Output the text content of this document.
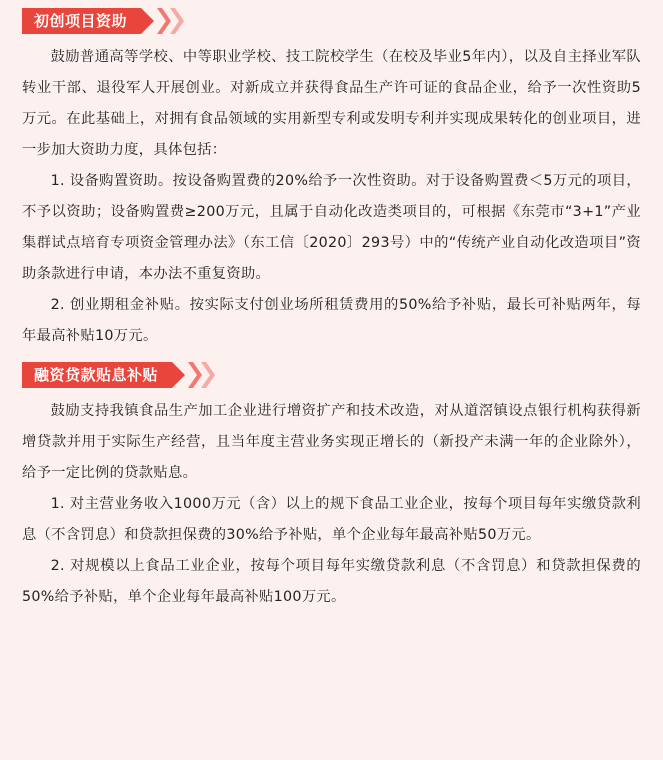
初创项目资助

鼓励普通高等学校、中等职业学校、技工院校学生（在校及毕业5年内），以及自主择业军队转业干部、退役军人开展创业。对新成立并获得食品生产许可证的食品企业，给予一次性资助5万元。在此基础上，对拥有食品领域的实用新型专利或发明专利并实现成果转化的创业项目，进一步加大资助力度，具体包括：

1. 设备购置资助。按设备购置费的20%给予一次性资助。对于设备购置费＜5万元的项目，不予以资助；设备购置费≥200万元，且属于自动化改造类项目的，可根据《东莞市“3+1”产业集群试点培育专项资金管理办法》（东工信〔2020〕293号）中的“传统产业自动化改造项目”资助条款进行申请，本办法不重复资助。

2. 创业期租金补贴。按实际支付创业场所租赁费用的50%给予补贴，最长可补贴两年，每年最高补贴10万元。

融资贷款贴息补贴

鼓励支持我镇食品生产加工企业进行增资扩产和技术改造，对从道滘镇设点银行机构获得新增贷款并用于实际生产经营，且当年度主营业务实现正增长的（新投产未满一年的企业除外），给予一定比例的贷款贴息。

1. 对主营业务收入1000万元（含）以上的规下食品工业企业，按每个项目每年实缴贷款利息（不含罚息）和贷款担保费的30%给予补贴，单个企业每年最高补贴50万元。

2. 对规模以上食品工业企业，按每个项目每年实缴贷款利息（不含罚息）和贷款担保费的50%给予补贴，单个企业每年最高补贴100万元。
